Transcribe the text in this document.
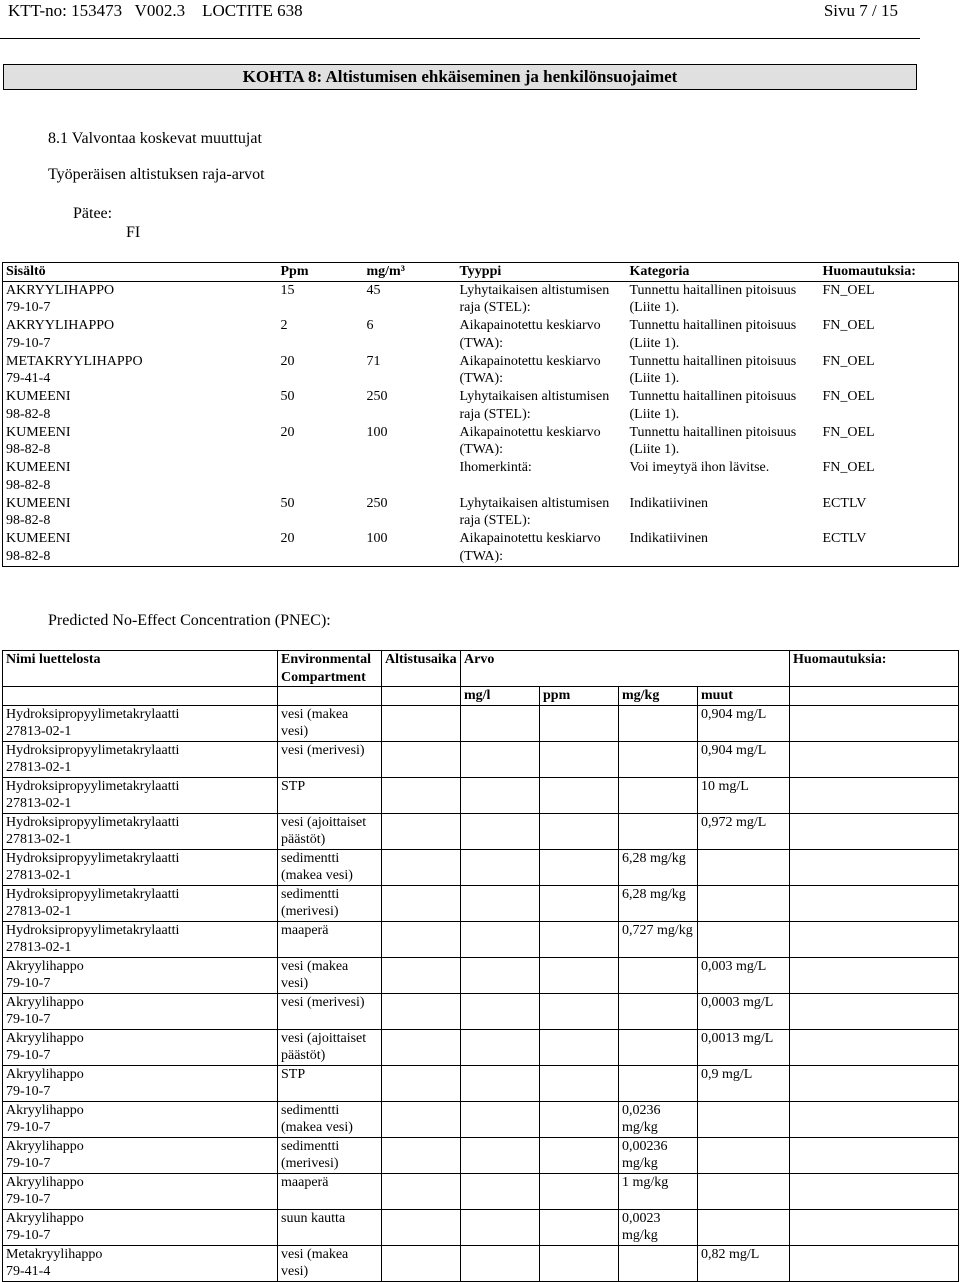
KTT-no: 153473   V002.3    LOCTITE 638	Sivu 7 / 15
KOHTA 8: Altistumisen ehkäiseminen ja henkilönsuojaimet
8.1 Valvontaa koskevat muuttujat
Työperäisen altistuksen raja-arvot
Pätee:
FI
Sisältö	Ppm	mg/m³	Tyyppi	Kategoria	Huomautuksia:

AKRYYLIHAPPO
79-10-7	15	45	Lyhytaikaisen altistumisen raja (STEL):	Tunnettu haitallinen pitoisuus (Liite 1).	FN_OEL

AKRYYLIHAPPO
79-10-7	2	6	Aikapainotettu keskiarvo (TWA):	Tunnettu haitallinen pitoisuus (Liite 1).	FN_OEL

METAKRYYLIHAPPO
79-41-4	20	71	Aikapainotettu keskiarvo (TWA):	Tunnettu haitallinen pitoisuus (Liite 1).	FN_OEL

KUMEENI
98-82-8	50	250	Lyhytaikaisen altistumisen raja (STEL):	Tunnettu haitallinen pitoisuus (Liite 1).	FN_OEL

KUMEENI
98-82-8	20	100	Aikapainotettu keskiarvo (TWA):	Tunnettu haitallinen pitoisuus (Liite 1).	FN_OEL

KUMEENI
98-82-8			Ihomerkintä:	Voi imeytyä ihon lävitse.	FN_OEL

KUMEENI
98-82-8	50	250	Lyhytaikaisen altistumisen raja (STEL):	Indikatiivinen	ECTLV

KUMEENI
98-82-8	20	100	Aikapainotettu keskiarvo (TWA):	Indikatiivinen	ECTLV
Predicted No-Effect Concentration (PNEC):
Nimi luettelosta	Environmental Compartment	Altistusaika	Arvo				Huomautuksia:
			mg/l	ppm	mg/kg	muut	

Hydroksipropyylimetakrylaatti
27813-02-1	vesi (makea vesi)					0,904 mg/L	

Hydroksipropyylimetakrylaatti
27813-02-1	vesi (merivesi)					0,904 mg/L	

Hydroksipropyylimetakrylaatti
27813-02-1	STP					10 mg/L	

Hydroksipropyylimetakrylaatti
27813-02-1	vesi (ajoittaiset päästöt)					0,972 mg/L	

Hydroksipropyylimetakrylaatti
27813-02-1	sedimentti (makea vesi)				6,28 mg/kg		

Hydroksipropyylimetakrylaatti
27813-02-1	sedimentti (merivesi)				6,28 mg/kg		

Hydroksipropyylimetakrylaatti
27813-02-1	maaperä				0,727 mg/kg		

Akryylihappo
79-10-7	vesi (makea vesi)					0,003 mg/L	

Akryylihappo
79-10-7	vesi (merivesi)					0,0003 mg/L	

Akryylihappo
79-10-7	vesi (ajoittaiset päästöt)					0,0013 mg/L	

Akryylihappo
79-10-7	STP					0,9 mg/L	

Akryylihappo
79-10-7	sedimentti (makea vesi)				0,0236 mg/kg		

Akryylihappo
79-10-7	sedimentti (merivesi)				0,00236 mg/kg		

Akryylihappo
79-10-7	maaperä				1 mg/kg		

Akryylihappo
79-10-7	suun kautta				0,0023 mg/kg		

Metakryylihappo
79-41-4	vesi (makea vesi)					0,82 mg/L	
